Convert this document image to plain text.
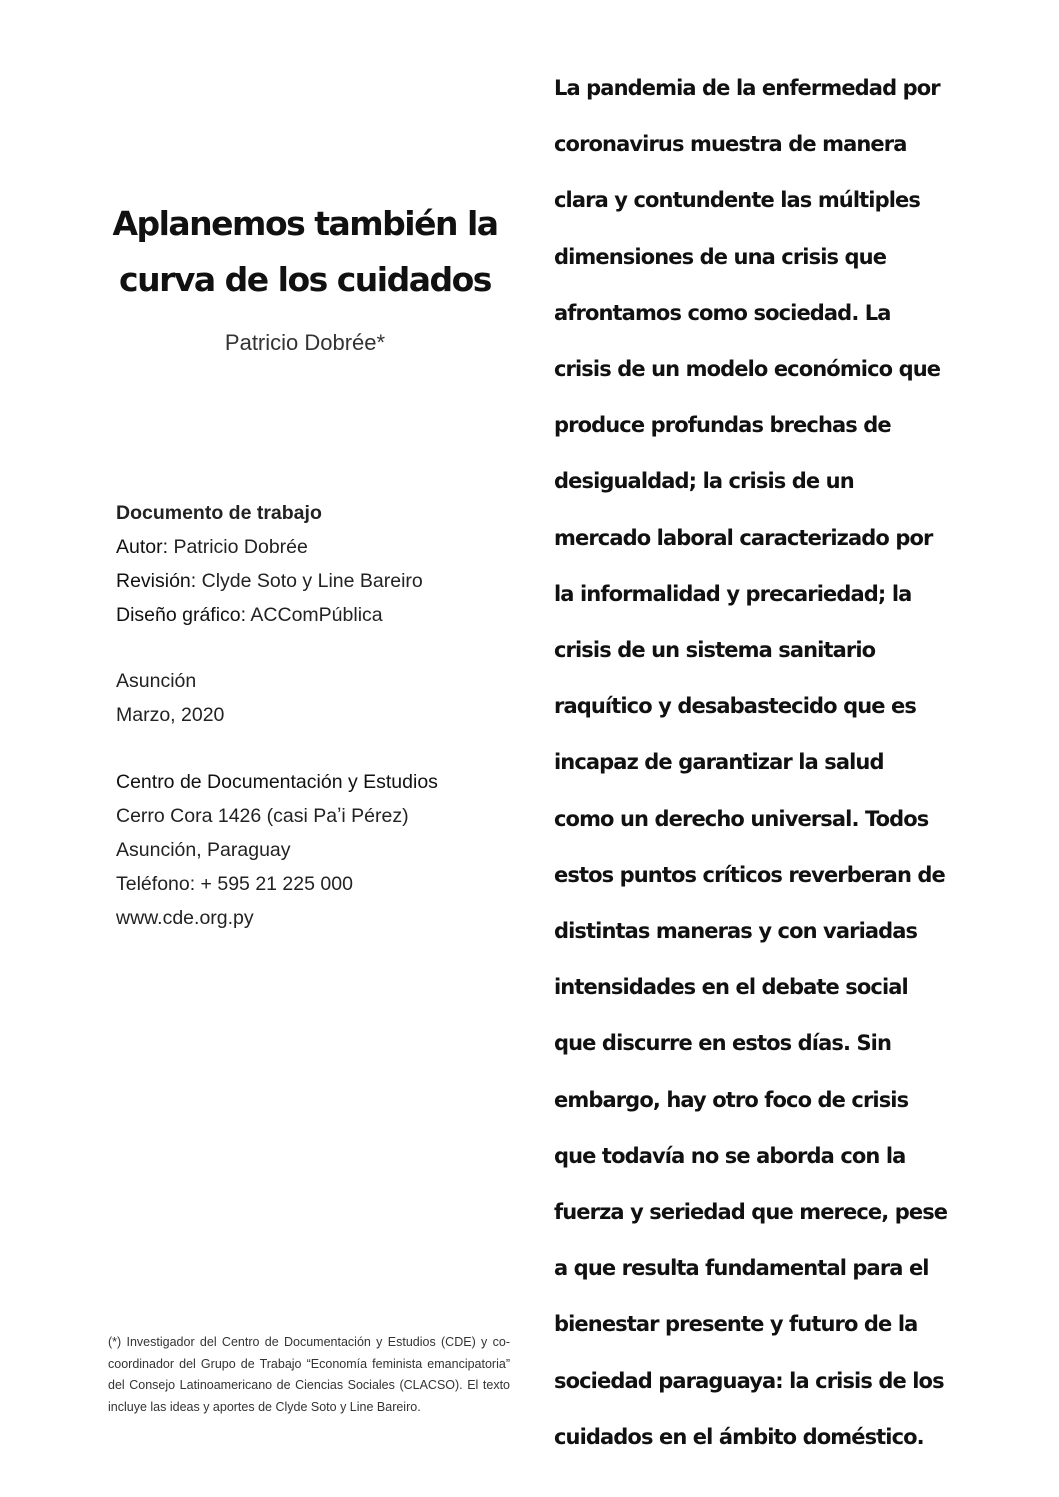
Aplanemos también la
curva de los cuidados
Patricio Dobrée*
Documento de trabajo
Autor: Patricio Dobrée
Revisión: Clyde Soto y Line Bareiro
Diseño gráfico: ACComPública
Asunción
Marzo, 2020
Centro de Documentación y Estudios
Cerro Cora 1426 (casi Paʼi Pérez)
Asunción, Paraguay
Teléfono: + 595 21 225 000
www.cde.org.py
(*) Investigador del Centro de Documentación y Estudios (CDE) y co-coordinador del Grupo de Trabajo “Economía feminista emancipatoria” del Consejo Latinoamericano de Ciencias Sociales (CLACSO). El texto incluye las ideas y aportes de Clyde Soto y Line Bareiro.

La pandemia de la enfermedad por
coronavirus muestra de manera
clara y contundente las múltiples
dimensiones de una crisis que
afrontamos como sociedad. La
crisis de un modelo económico que
produce profundas brechas de
desigualdad; la crisis de un
mercado laboral caracterizado por
la informalidad y precariedad; la
crisis de un sistema sanitario
raquítico y desabastecido que es
incapaz de garantizar la salud
como un derecho universal. Todos
estos puntos críticos reverberan de
distintas maneras y con variadas
intensidades en el debate social
que discurre en estos días. Sin
embargo, hay otro foco de crisis
que todavía no se aborda con la
fuerza y seriedad que merece, pese
a que resulta fundamental para el
bienestar presente y futuro de la
sociedad paraguaya: la crisis de los
cuidados en el ámbito doméstico.
